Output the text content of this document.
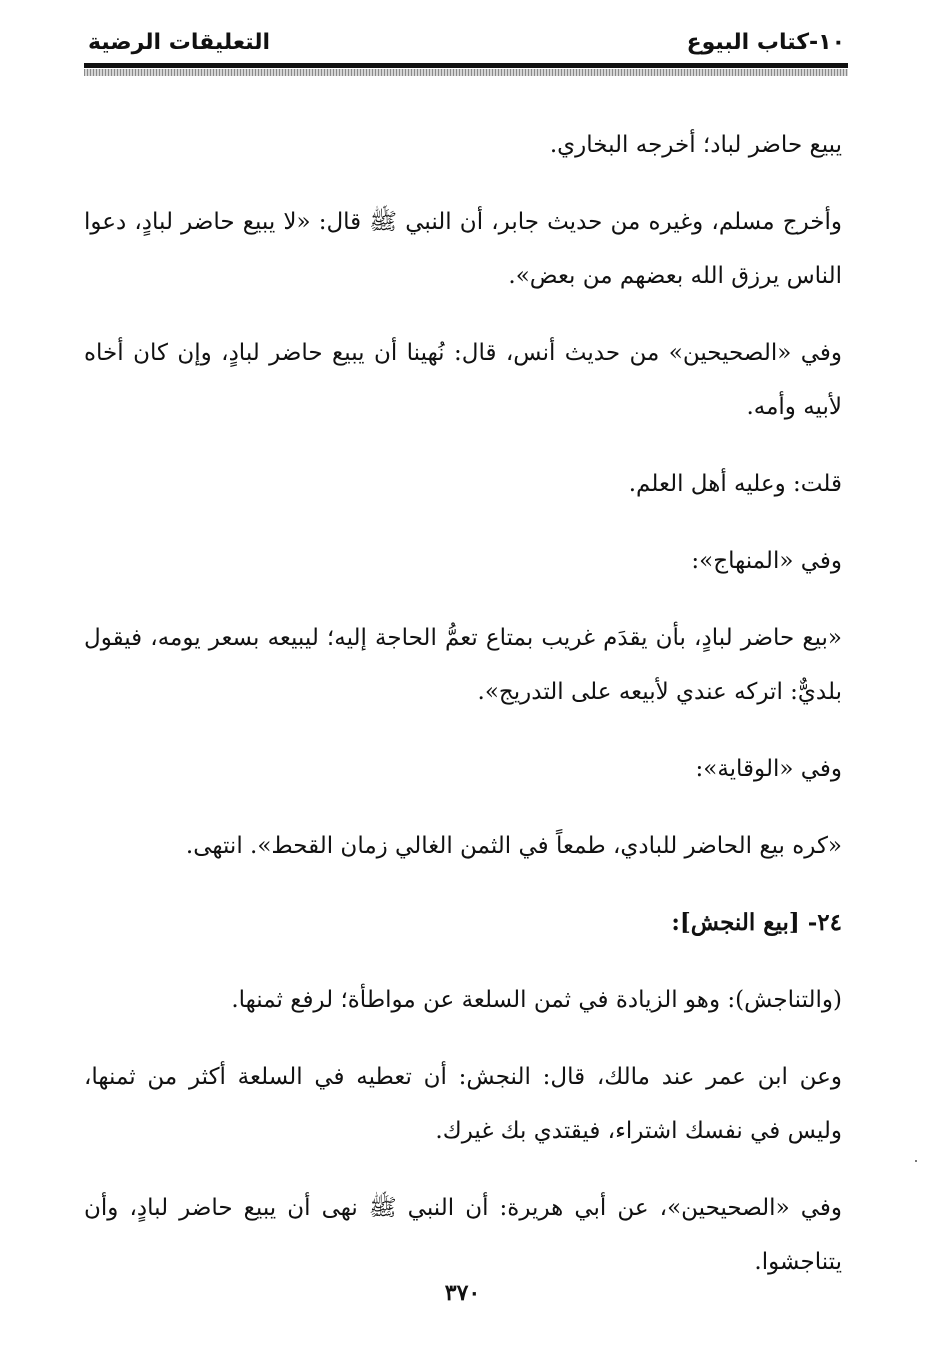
التعليقات الرضية	١٠-كتاب البيوع

يبيع حاضر لباد؛ أخرجه البخاري.

وأخرج مسلم، وغيره من حديث جابر، أن النبي ﷺ قال: «لا يبيع حاضر لبادٍ، دعوا الناس يرزق الله بعضهم من بعض».

وفي «الصحيحين» من حديث أنس، قال: نُهينا أن يبيع حاضر لبادٍ، وإن كان أخاه لأبيه وأمه.

قلت: وعليه أهل العلم.

وفي «المنهاج»:

«بيع حاضر لبادٍ، بأن يقدَم غريب بمتاع تعمُّ الحاجة إليه؛ ليبيعه بسعر يومه، فيقول بلديٌّ: اتركه عندي لأبيعه على التدريج».

وفي «الوقاية»:

«كره بيع الحاضر للبادي، طمعاً في الثمن الغالي زمان القحط». انتهى.

٢٤- [بيع النجش]:

(والتناجش): وهو الزيادة في ثمن السلعة عن مواطأة؛ لرفع ثمنها.

وعن ابن عمر عند مالك، قال: النجش: أن تعطيه في السلعة أكثر من ثمنها، وليس في نفسك اشتراء، فيقتدي بك غيرك.

وفي «الصحيحين»، عن أبي هريرة: أن النبي ﷺ نهى أن يبيع حاضر لبادٍ، وأن يتناجشوا.

٣٧٠
